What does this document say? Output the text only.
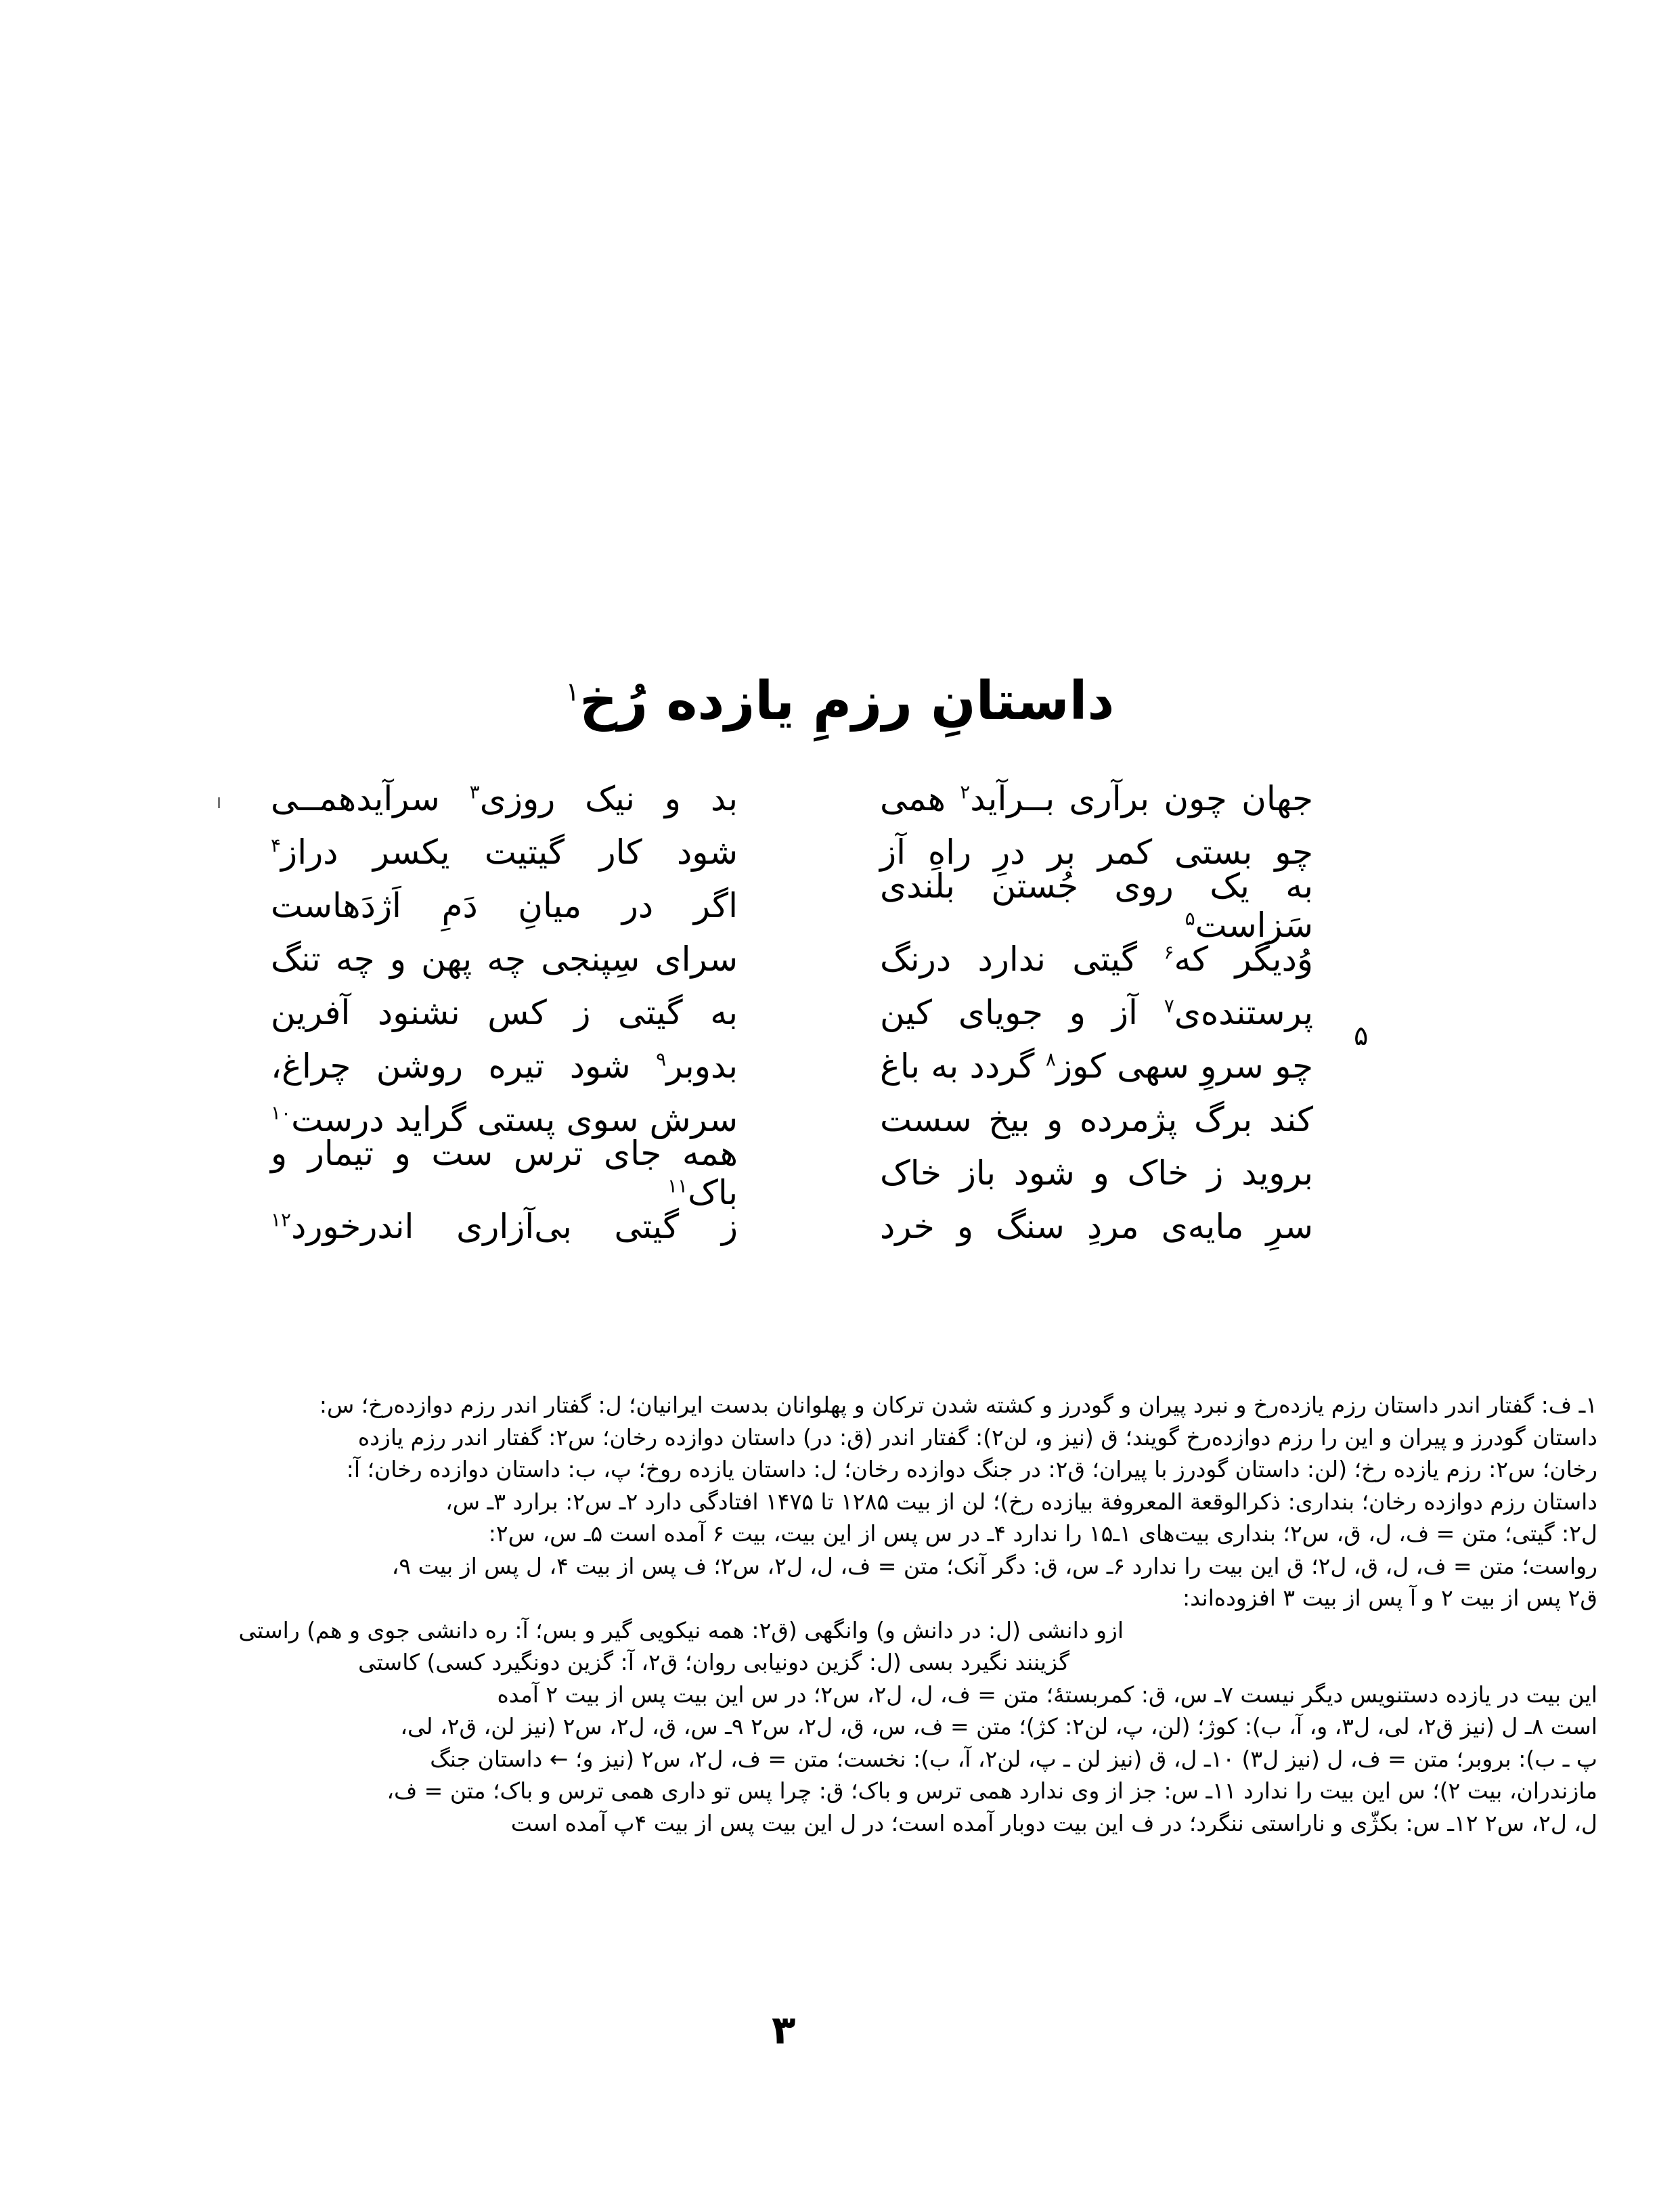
داستانِ رزمِ یازده رُخ$^۱$
جهان چون برآری بــرآید$^۲$ همی
بد و نیک روزی$^۳$ سرآیدهمــی
چو بستی کمر بر درِ راهِ آز
شود کار گیتیت یکسر دراز$^۴$
به یک روی جُستن بلندی سَزاست$^۵$
اگر در میانِ دَمِ اَژدَهاست
وُدیگر که$^۶$ گیتی ندارد درنگ
سرای سِپنجی چه پهن و چه تنگ
پرستنده‌ی$^۷$ آز و جویای کین
به گیتی ز کس نشنود آفرین
چو سروِ سهی کوز$^۸$ گردد به باغ
بدوبر$^۹$ شود تیره روشن چراغ،
کند برگ پژمرده و بیخ سست
سرش سوی پستی گراید درست$^{۱۰}$
بروید ز خاک و شود باز خاک
همه جای ترس ست و تیمار و باک$^{۱۱}$
سرِ مایه‌ی مردِ سنگ و خرد
ز گیتی بی‌آزاری اندرخورد$^{۱۲}$
۵
۱ـ ف: گفتار اندر داستان رزم یازده‌رخ و نبرد پیران و گودرز و کشته شدن ترکان و پهلوانان بدست ایرانیان؛ ل: گفتار اندر رزم دوازده‌رخ؛ س:
داستان گودرز و پیران و این را رزم دوازده‌رخ گویند؛ ق (نیز و، لن۲): گفتار اندر (ق: در) داستان دوازده رخان؛ س۲: گفتار اندر رزم یازده
رخان؛ س۲: رزم یازده رخ؛ (لن: داستان گودرز با پیران؛ ق۲: در جنگ دوازده رخان؛ ل: داستان یازده روخ؛ پ، ب: داستان دوازده رخان؛ آ:
داستان رزم دوازده رخان؛ بنداری: ذکرالوقعة المعروفة بیازده رخ)؛ لن از بیت ۱۲۸۵ تا ۱۴۷۵ افتادگی دارد ۲ـ س۲: برارد ۳ـ س،
ل۲: گیتی؛ متن = ف، ل، ق، س۲؛ بنداری بیت‌های ۱ـ۱۵ را ندارد ۴ـ در س پس از این بیت، بیت ۶ آمده است ۵ـ س، س۲:
رواست؛ متن = ف، ل، ق، ل۲؛ ق این بیت را ندارد ۶ـ س، ق: دگر آنک؛ متن = ف، ل، ل۲، س۲؛ ف پس از بیت ۴، ل پس از بیت ۹،
ق۲ پس از بیت ۲ و آ پس از بیت ۳ افزوده‌اند:
ازو دانشی (ل: در دانش و) وانگهی (ق۲: همه نیکویی گیر و بس؛ آ: ره دانشی جوی و هم) راستی
گزینند نگیرد بسی (ل: گزین دونیابی روان؛ ق۲، آ: گزین دونگیرد کسی) کاستی
این بیت در یازده دستنویس دیگر نیست ۷ـ س، ق: کمربستهٔ؛ متن = ف، ل، ل۲، س۲؛ در س این بیت پس از بیت ۲ آمده
است ۸ـ ل (نیز ق۲، لی، ل۳، و، آ، ب): کوژ؛ (لن، پ، لن۲: کژ)؛ متن = ف، س، ق، ل۲، س۲ ۹ـ س، ق، ل۲، س۲ (نیز لن، ق۲، لی،
پ ـ ب): بروبر؛ متن = ف، ل (نیز ل۳) ۱۰ـ ل، ق (نیز لن ـ پ، لن۲، آ، ب): نخست؛ متن = ف، ل۲، س۲ (نیز و؛ ← داستان جنگ
مازندران، بیت ۲)؛ س این بیت را ندارد ۱۱ـ س: جز از وی ندارد همی ترس و باک؛ ق: چرا پس تو داری همی ترس و باک؛ متن = ف،
ل، ل۲، س۲ ۱۲ـ س: بکژّی و ناراستی ننگرد؛ در ف این بیت دوبار آمده است؛ در ل این بیت پس از بیت ۴پ آمده است
۳
